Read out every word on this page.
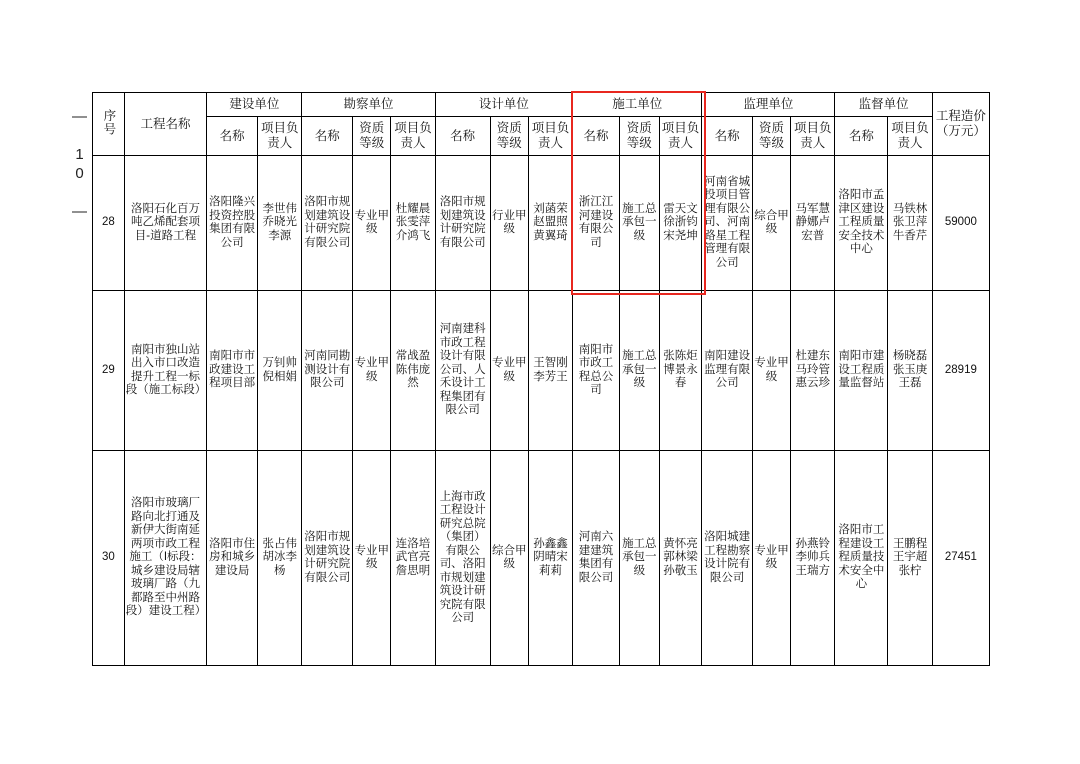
— 10 — 序号	工程名称	建设单位		勘察单位			设计单位			施工单位			监理单位			监督单位		工程造价（万元）
		名称	项目负责人	名称	资质等级	项目负责人	名称	资质等级	项目负责人	名称	资质等级	项目负责人	名称	资质等级	项目负责人	名称	项目负责人	
28	洛阳石化百万吨乙烯配套项目-道路工程	洛阳隆兴投资控股集团有限公司	李世伟乔晓光李源	洛阳市规划建筑设计研究院有限公司	专业甲级	杜耀晨张雯萍介鸿飞	洛阳市规划建筑设计研究院有限公司	行业甲级	刘菡荣赵盟照黄翼琦	浙江江河建设有限公司	施工总承包一级	雷天文徐浙钧宋尧坤	河南省城投项目管理有限公司、河南路星工程管理有限公司	综合甲级	马军慧静娜卢宏普	洛阳市孟津区建设工程质量安全技术中心	马铁林张卫萍牛香芹	59000
29	南阳市独山站出入市口改造提升工程一标段（施工标段）	南阳市市政建设工程项目部	万钊帅倪相娟	河南同勘测设计有限公司	专业甲级	常战盈陈伟庞然	河南建科市政工程设计有限公司、人禾设计工程集团有限公司	专业甲级	王智刚李芳王	南阳市市政工程总公司	施工总承包一级	张陈炬博景永春	南阳建设监理有限公司	专业甲级	杜建东马玲管惠云珍	南阳市建设工程质量监督站	杨晓磊张玉庚王磊	28919
30	洛阳市玻璃厂路向北打通及新伊大街南延两项市政工程施工（I标段：城乡建设局辖玻璃厂路（九都路至中州路段）建设工程）	洛阳市住房和城乡建设局	张占伟胡冰李杨	洛阳市规划建筑设计研究院有限公司	专业甲级	连洛培武官亮詹思明	上海市政工程设计研究总院（集团）有限公司、洛阳市规划建筑设计研究院有限公司	综合甲级	孙鑫鑫阴晴宋莉莉	河南六建建筑集团有限公司	施工总承包一级	黄怀亮郭林梁孙敬玉	洛阳城建工程勘察设计院有限公司	专业甲级	孙燕铃李帅兵王瑞方	洛阳市工程建设工程质量技术安全中心	王鹏程王宇超张柠	27451
